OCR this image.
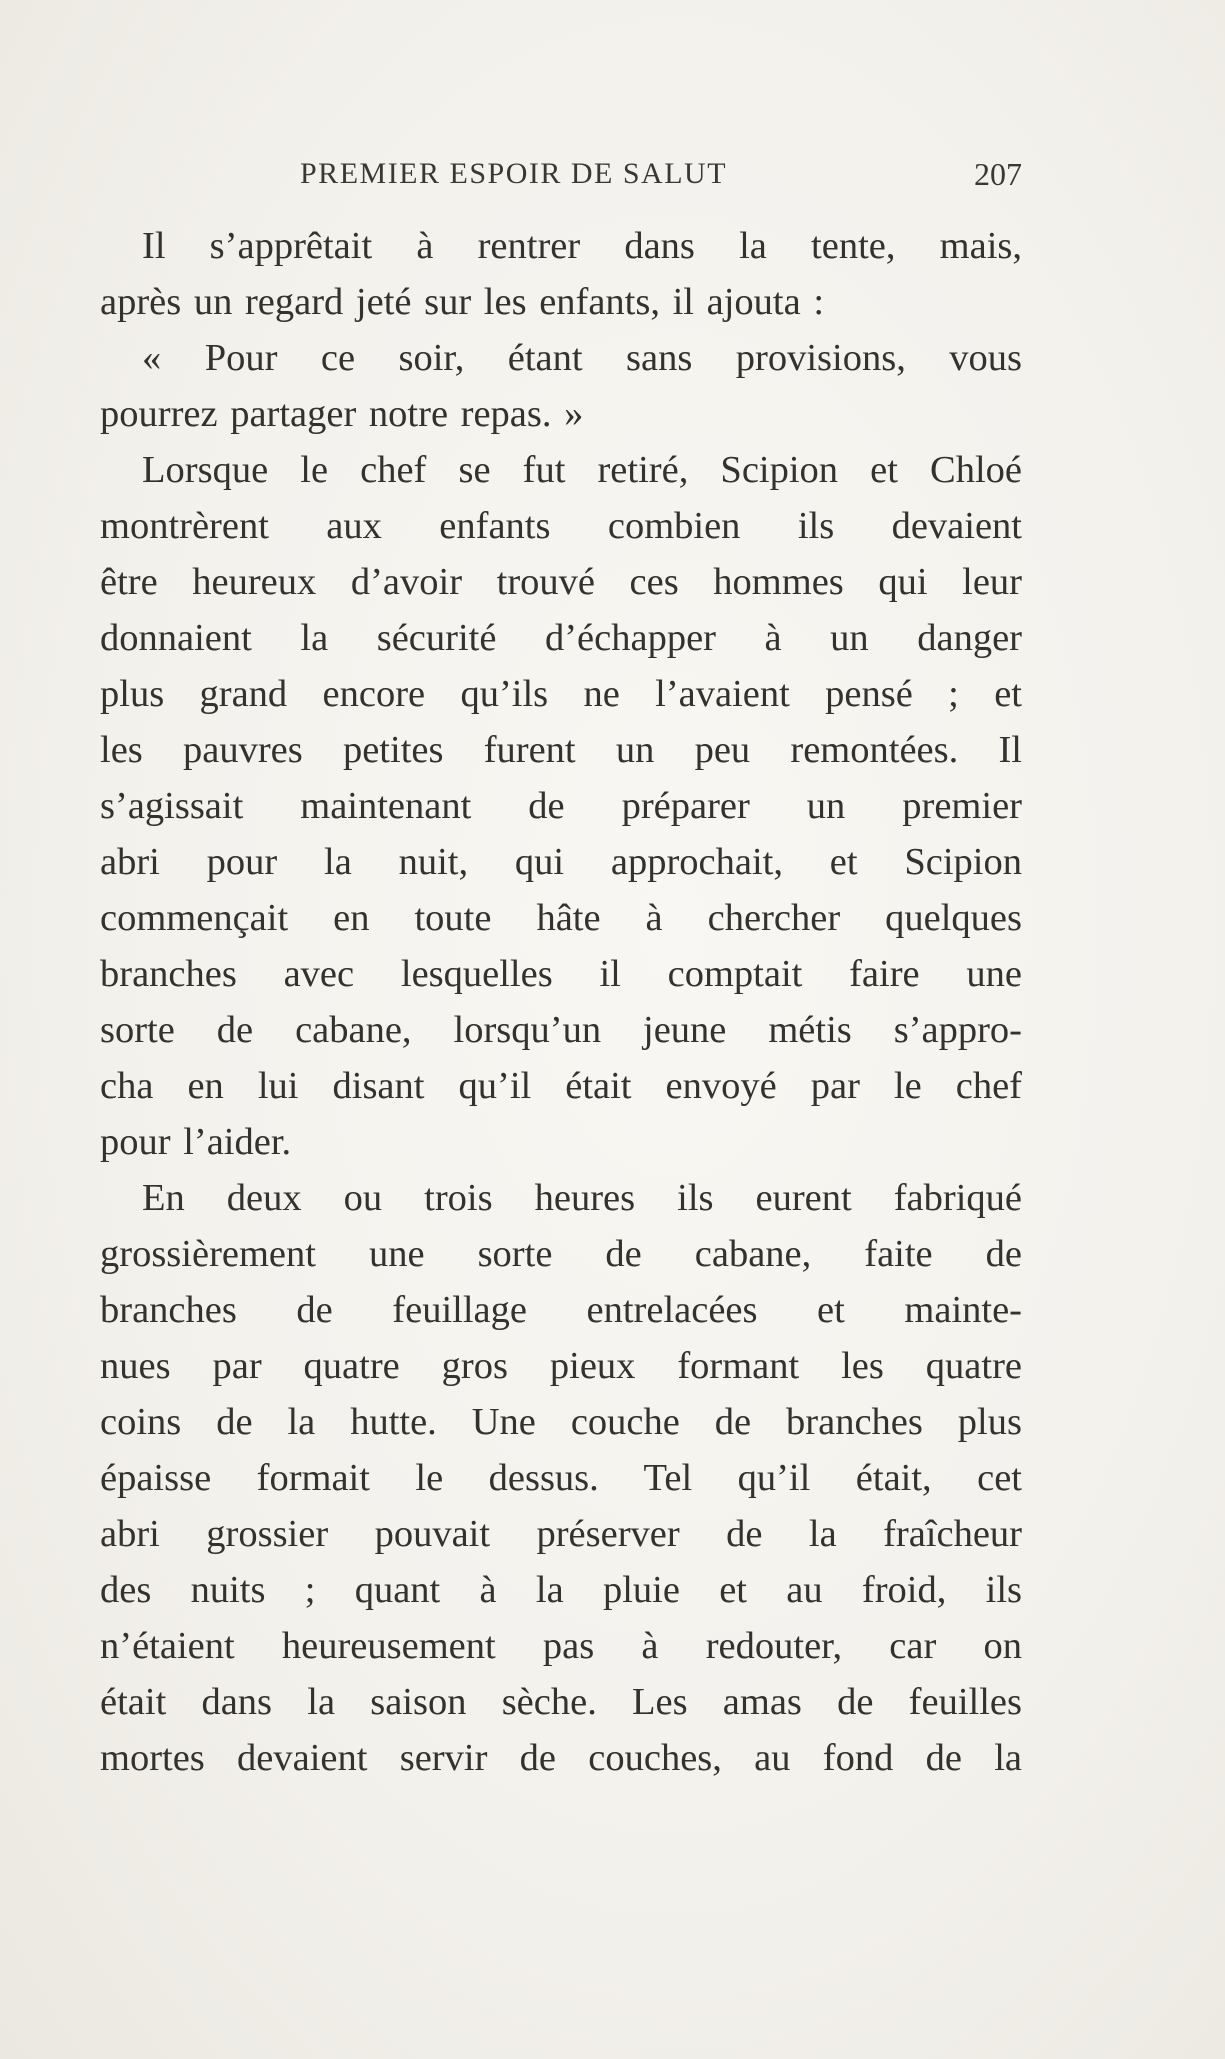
PREMIER ESPOIR DE SALUT	207

Il s’apprêtait à rentrer dans la tente, mais,
après un regard jeté sur les enfants, il ajouta :

« Pour ce soir, étant sans provisions, vous
pourrez partager notre repas. »

Lorsque le chef se fut retiré, Scipion et Chloé
montrèrent aux enfants combien ils devaient
être heureux d’avoir trouvé ces hommes qui leur
donnaient la sécurité d’échapper à un danger
plus grand encore qu’ils ne l’avaient pensé ; et
les pauvres petites furent un peu remontées. Il
s’agissait maintenant de préparer un premier
abri pour la nuit, qui approchait, et Scipion
commençait en toute hâte à chercher quelques
branches avec lesquelles il comptait faire une
sorte de cabane, lorsqu’un jeune métis s’appro-
cha en lui disant qu’il était envoyé par le chef
pour l’aider.

En deux ou trois heures ils eurent fabriqué
grossièrement une sorte de cabane, faite de
branches de feuillage entrelacées et mainte-
nues par quatre gros pieux formant les quatre
coins de la hutte. Une couche de branches plus
épaisse formait le dessus. Tel qu’il était, cet
abri grossier pouvait préserver de la fraîcheur
des nuits ; quant à la pluie et au froid, ils
n’étaient heureusement pas à redouter, car on
était dans la saison sèche. Les amas de feuilles
mortes devaient servir de couches, au fond de la
